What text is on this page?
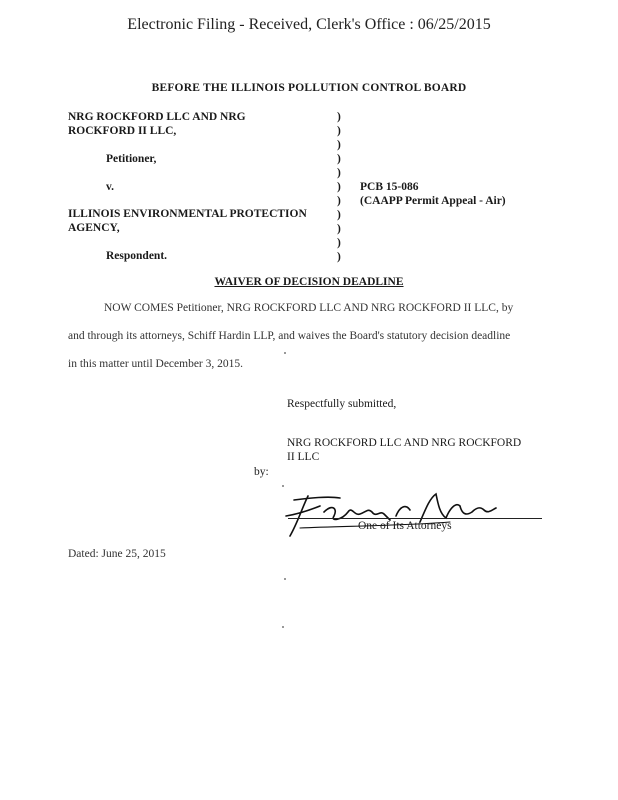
Electronic Filing - Received, Clerk's Office : 06/25/2015
BEFORE THE ILLINOIS POLLUTION CONTROL BOARD
NRG ROCKFORD LLC AND NRG
ROCKFORD II LLC,
Petitioner,
v.
ILLINOIS ENVIRONMENTAL PROTECTION
AGENCY,
Respondent.
)
)
)
)
)
)
)
)
)
)
)
PCB 15-086
(CAAPP Permit Appeal - Air)
WAIVER OF DECISION DEADLINE
NOW COMES Petitioner, NRG ROCKFORD LLC AND NRG ROCKFORD II LLC, by
and through its attorneys, Schiff Hardin LLP, and waives the Board's statutory decision deadline
in this matter until December 3, 2015.
Respectfully submitted,
NRG ROCKFORD LLC AND NRG ROCKFORD
II LLC
by:
One of Its Attorneys
Dated: June 25, 2015
